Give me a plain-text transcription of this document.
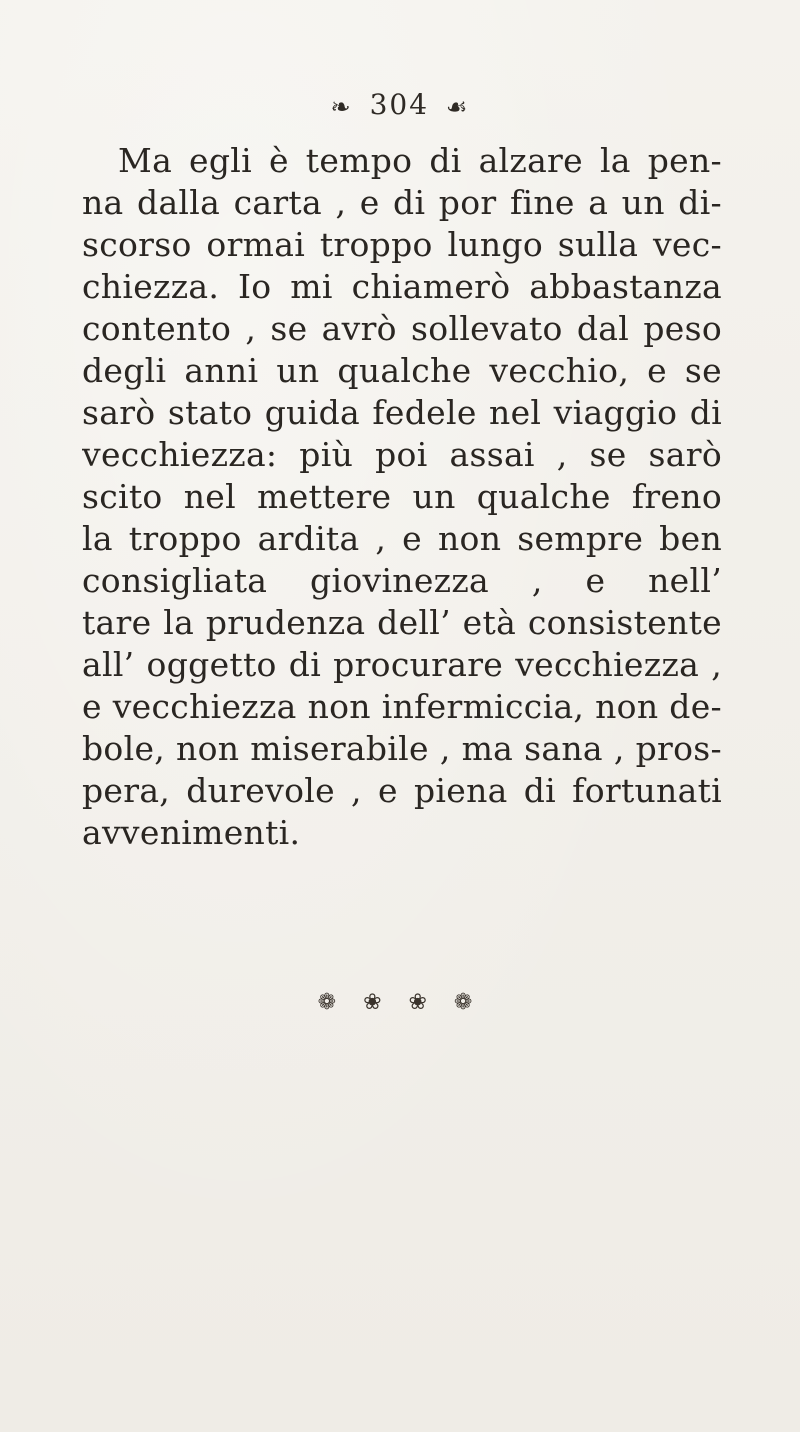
❧ 304 ☙
Ma egli è tempo di alzare la pen-
na dalla carta , e di por fine a un di-
scorso ormai troppo lungo sulla vec-
chiezza. Io mi chiamerò abbastanza
contento , se avrò sollevato dal peso
degli anni un qualche vecchio, e se
sarò stato guida fedele nel viaggio di
vecchiezza: più poi assai , se sarò
scito nel mettere un qualche freno
la troppo ardita , e non sempre ben
consigliata giovinezza , e nell’
tare la prudenza dell’ età consistente
all’ oggetto di procurare vecchiezza ,
e vecchiezza non infermiccia, non de-
bole, non miserabile , ma sana , pros-
pera, durevole , e piena di fortunati
avvenimenti.
❁ ❀ ❀ ❁
